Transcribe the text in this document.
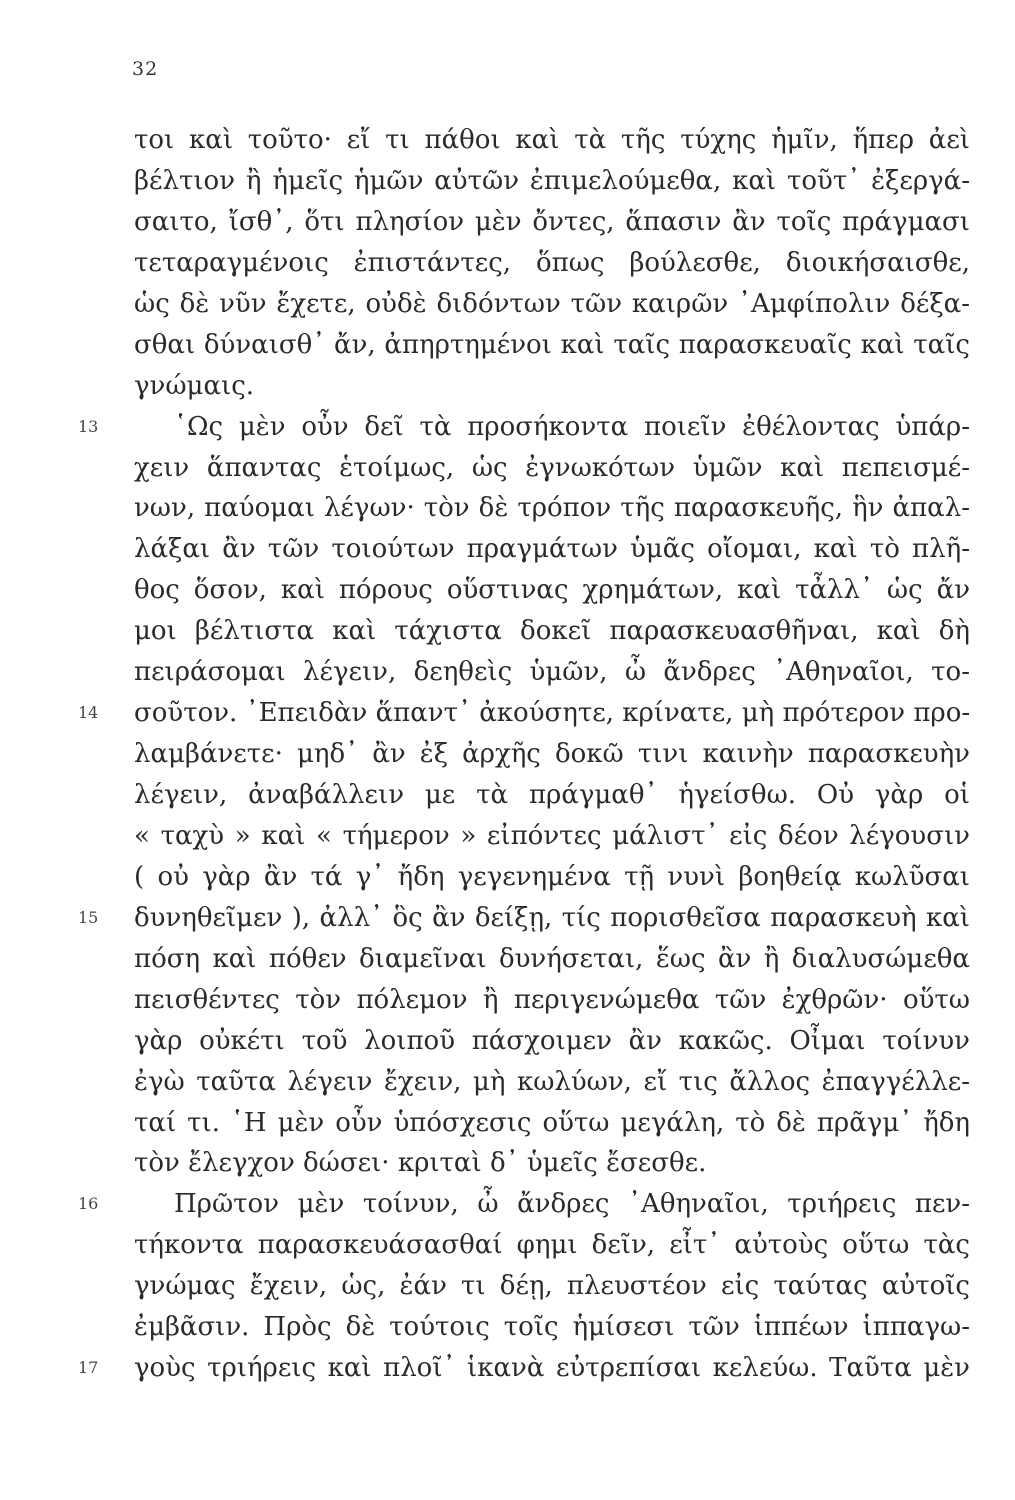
32
τοι καὶ τοῦτο· εἴ τι πάθοι καὶ τὰ τῆς τύχης ἡμῖν, ἥπερ ἀεὶ
βέλτιον ἢ ἡμεῖς ἡμῶν αὐτῶν ἐπιμελούμεθα, καὶ τοῦτ᾽ ἐξεργά-
σαιτο, ἴσθ᾽, ὅτι πλησίον μὲν ὄντες, ἅπασιν ἂν τοῖς πράγμασι
τεταραγμένοις ἐπιστάντες, ὅπως βούλεσθε, διοικήσαισθε,
ὡς δὲ νῦν ἔχετε, οὐδὲ διδόντων τῶν καιρῶν ᾽Αμφίπολιν δέξα-
σθαι δύναισθ᾽ ἄν, ἀπηρτημένοι καὶ ταῖς παρασκευαῖς καὶ ταῖς
γνώμαις.
13	῾Ως μὲν οὖν δεῖ τὰ προσήκοντα ποιεῖν ἐθέλοντας ὑπάρ-
χειν ἅπαντας ἑτοίμως, ὡς ἐγνωκότων ὑμῶν καὶ πεπεισμέ-
νων, παύομαι λέγων· τὸν δὲ τρόπον τῆς παρασκευῆς, ἣν ἀπαλ-
λάξαι ἂν τῶν τοιούτων πραγμάτων ὑμᾶς οἴομαι, καὶ τὸ πλῆ-
θος ὅσον, καὶ πόρους οὕστινας χρημάτων, καὶ τἆλλ᾽ ὡς ἄν
μοι βέλτιστα καὶ τάχιστα δοκεῖ παρασκευασθῆναι, καὶ δὴ
πειράσομαι λέγειν, δεηθεὶς ὑμῶν, ὦ ἄνδρες ᾽Αθηναῖοι, το-
14 σοῦτον. ᾽Επειδὰν ἅπαντ᾽ ἀκούσητε, κρίνατε, μὴ πρότερον προ-
λαμβάνετε· μηδ᾽ ἂν ἐξ ἀρχῆς δοκῶ τινι καινὴν παρασκευὴν
λέγειν, ἀναβάλλειν με τὰ πράγμαθ᾽ ἡγείσθω. Οὐ γὰρ οἱ
« ταχὺ » καὶ « τήμερον » εἰπόντες μάλιστ᾽ εἰς δέον λέγουσιν
( οὐ γὰρ ἂν τά γ᾽ ἤδη γεγενημένα τῇ νυνὶ βοηθείᾳ κωλῦσαι
15 δυνηθεῖμεν ), ἀλλ᾽ ὃς ἂν δείξῃ, τίς πορισθεῖσα παρασκευὴ καὶ
πόση καὶ πόθεν διαμεῖναι δυνήσεται, ἕως ἂν ἢ διαλυσώμεθα
πεισθέντες τὸν πόλεμον ἢ περιγενώμεθα τῶν ἐχθρῶν· οὕτω
γὰρ οὐκέτι τοῦ λοιποῦ πάσχοιμεν ἂν κακῶς. Οἶμαι τοίνυν
ἐγὼ ταῦτα λέγειν ἔχειν, μὴ κωλύων, εἴ τις ἄλλος ἐπαγγέλλε-
ταί τι. ῾Η μὲν οὖν ὑπόσχεσις οὕτω μεγάλη, τὸ δὲ πρᾶγμ᾽ ἤδη
τὸν ἔλεγχον δώσει· κριταὶ δ᾽ ὑμεῖς ἔσεσθε.
16	Πρῶτον μὲν τοίνυν, ὦ ἄνδρες ᾽Αθηναῖοι, τριήρεις πεν-
τήκοντα παρασκευάσασθαί φημι δεῖν, εἶτ᾽ αὐτοὺς οὕτω τὰς
γνώμας ἔχειν, ὡς, ἐάν τι δέῃ, πλευστέον εἰς ταύτας αὐτοῖς
ἐμβᾶσιν. Πρὸς δὲ τούτοις τοῖς ἡμίσεσι τῶν ἱππέων ἱππαγω-
17 γοὺς τριήρεις καὶ πλοῖ᾽ ἱκανὰ εὐτρεπίσαι κελεύω. Ταῦτα μὲν
